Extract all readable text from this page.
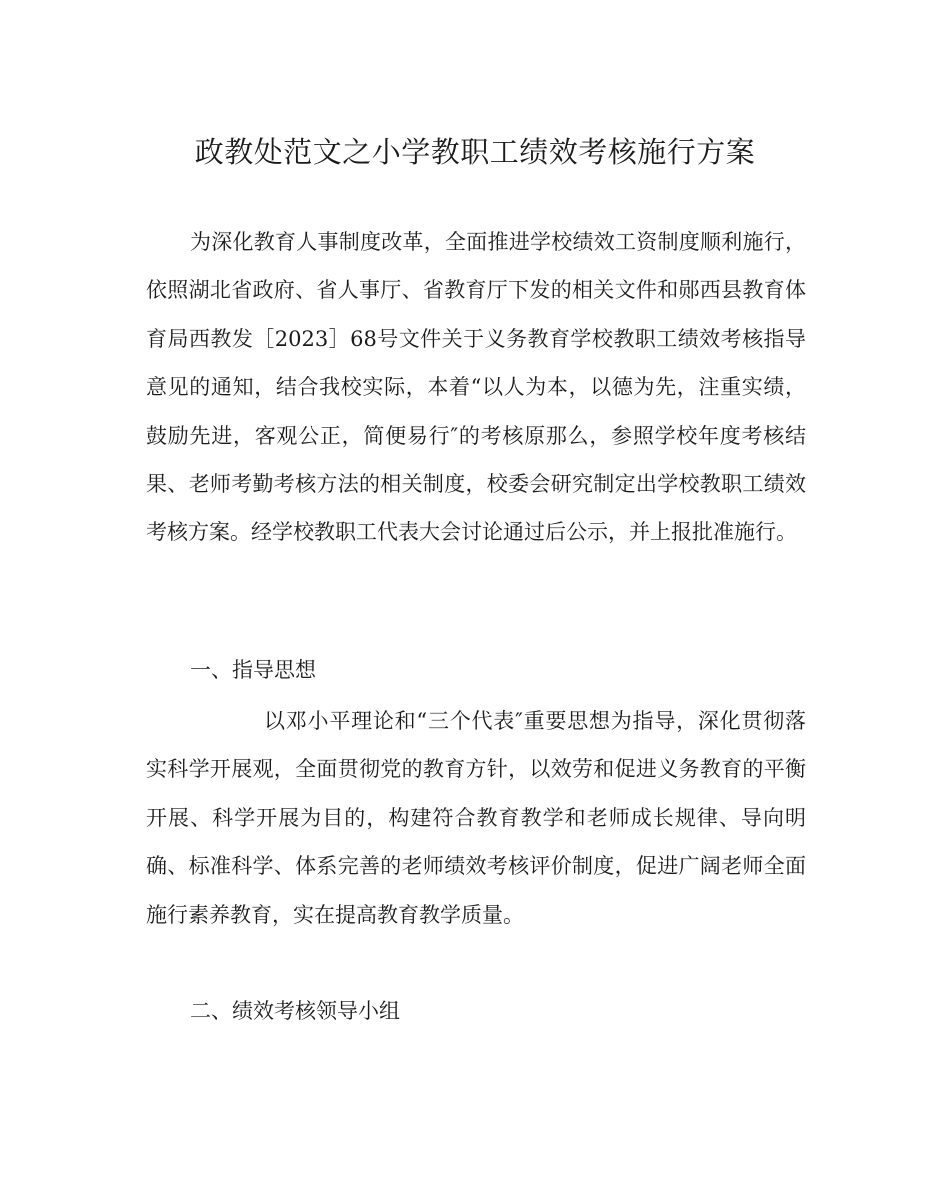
政教处范文之小学教职工绩效考核施行方案

为深化教育人事制度改革，全面推进学校绩效工资制度顺利施行，依照湖北省政府、省人事厅、省教育厅下发的相关文件和郧西县教育体育局西教发［2023］68号文件关于义务教育学校教职工绩效考核指导意见的通知，结合我校实际，本着“以人为本，以德为先，注重实绩，鼓励先进，客观公正，简便易行″的考核原那么，参照学校年度考核结果、老师考勤考核方法的相关制度，校委会研究制定出学校教职工绩效考核方案。经学校教职工代表大会讨论通过后公示，并上报批准施行。

一、指导思想

以邓小平理论和“三个代表″重要思想为指导，深化贯彻落实科学开展观，全面贯彻党的教育方针，以效劳和促进义务教育的平衡开展、科学开展为目的，构建符合教育教学和老师成长规律、导向明确、标准科学、体系完善的老师绩效考核评价制度，促进广阔老师全面施行素养教育，实在提高教育教学质量。

二、绩效考核领导小组
